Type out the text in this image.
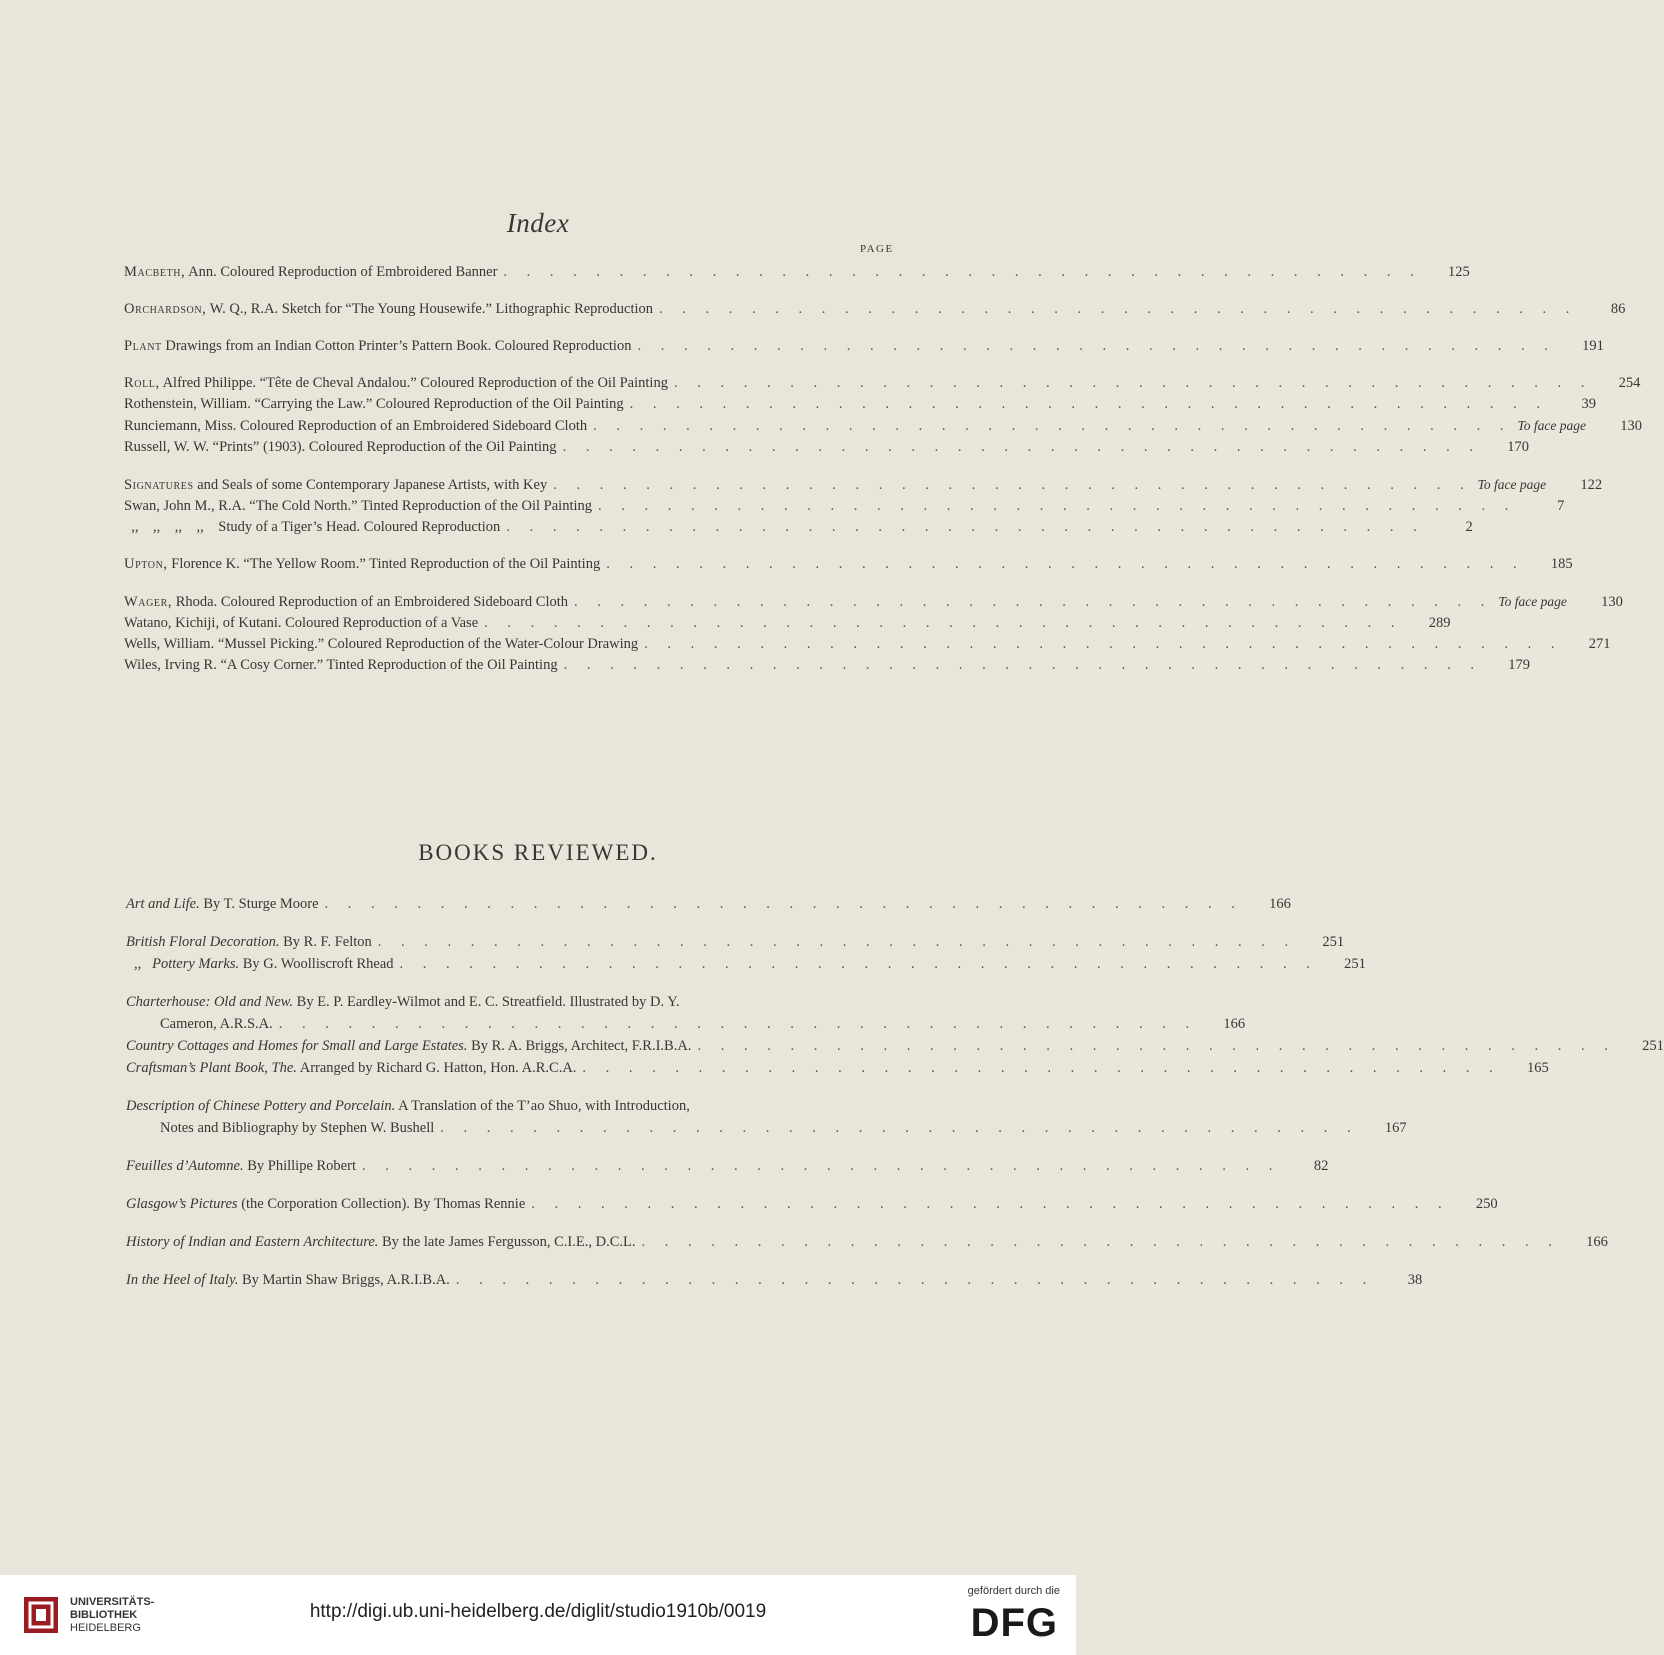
Index
PAGE
Macbeth, Ann. Coloured Reproduction of Embroidered Banner . . .	125
Orchardson, W. Q., R.A. Sketch for “The Young Housewife.” Lithographic Reproduction . . .	86
Plant Drawings from an Indian Cotton Printer’s Pattern Book. Coloured Reproduction . . .	191
Roll, Alfred Philippe. “Tête de Cheval Andalou.” Coloured Reproduction of the Oil Painting . . .	254
Rothenstein, William. “Carrying the Law.” Coloured Reproduction of the Oil Painting . . .	39
Runciemann, Miss. Coloured Reproduction of an Embroidered Sideboard Cloth . . .	To face page	130
Russell, W. W. “Prints” (1903). Coloured Reproduction of the Oil Painting . . .	170
Signatures and Seals of some Contemporary Japanese Artists, with Key . . .	To face page	122
Swan, John M., R.A. “The Cold North.” Tinted Reproduction of the Oil Painting . . .	7
,,    ,,    ,,    ,,    Study of a Tiger’s Head. Coloured Reproduction . . .	2
Upton, Florence K. “The Yellow Room.” Tinted Reproduction of the Oil Painting . . .	185
Wager, Rhoda. Coloured Reproduction of an Embroidered Sideboard Cloth . . .	To face page	130
Watano, Kichiji, of Kutani. Coloured Reproduction of a Vase . . .	289
Wells, William. “Mussel Picking.” Coloured Reproduction of the Water-Colour Drawing . . .	271
Wiles, Irving R. “A Cosy Corner.” Tinted Reproduction of the Oil Painting . . .	179
BOOKS REVIEWED.
Art and Life. By T. Sturge Moore . . .	166
British Floral Decoration. By R. F. Felton . . .	251
,,   Pottery Marks. By G. Woolliscroft Rhead . . .	251
Charterhouse: Old and New. By E. P. Eardley-Wilmot and E. C. Streatfield. Illustrated by D. Y.
Cameron, A.R.S.A. . . .	166
Country Cottages and Homes for Small and Large Estates. By R. A. Briggs, Architect, F.R.I.B.A. . . .	251
Craftsman’s Plant Book, The. Arranged by Richard G. Hatton, Hon. A.R.C.A. . . .	165
Description of Chinese Pottery and Porcelain. A Translation of the T’ao Shuo, with Introduction,
Notes and Bibliography by Stephen W. Bushell . . .	167
Feuilles d’Automne. By Phillipe Robert . . .	82
Glasgow’s Pictures (the Corporation Collection). By Thomas Rennie . . .	250
History of Indian and Eastern Architecture. By the late James Fergusson, C.I.E., D.C.L. . . .	166
In the Heel of Italy. By Martin Shaw Briggs, A.R.I.B.A. . . .	38
UNIVERSITÄTS-
BIBLIOTHEK
HEIDELBERG
http://digi.ub.uni-heidelberg.de/diglit/studio1910b/0019
gefördert durch die
DFG
